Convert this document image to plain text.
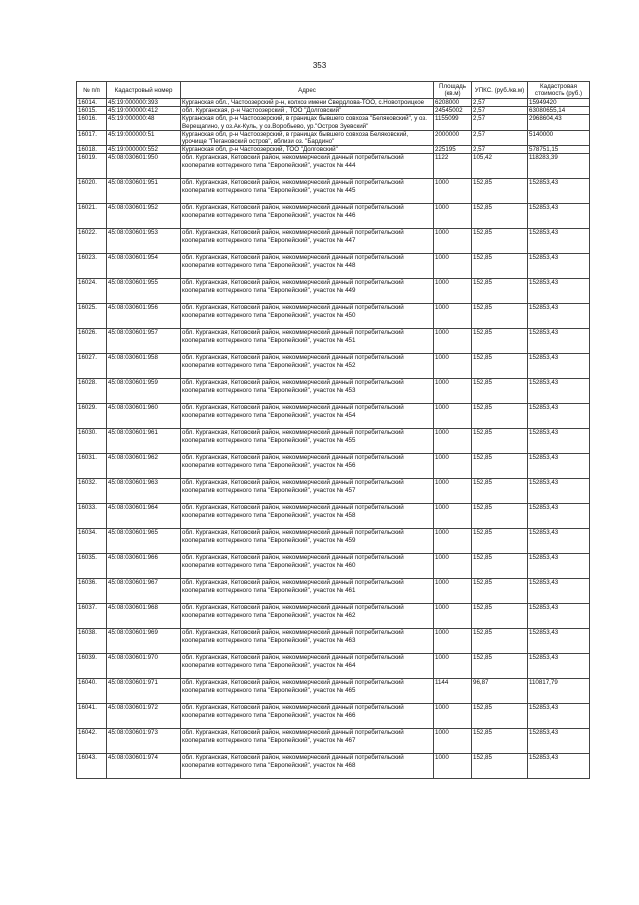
353
№ п/п	Кадастровый номер	Адрес	Площадь (кв.м)	УПКС. (руб./кв.м)	Кадастровая стоимость (руб.)
16014.	45:19:000000:393	Курганская обл., Частоозерский р-н, колхоз имени Свердлова-ТОО, с.Новотроицкое	6208000	2,57	15949420
16015.	45:19:000000:412	обл. Курганская, р-н Частоозерский , ТОО "Долговский"	24545002	2,57	63080655,14
16016.	45:19:000000:48	Курганская обл, р-н Частоозерский, в границах бывшего совхоза "Беляковский", у оз. Верещагино, у оз.Ак-Куль, у оз.Воробьево, ур."Остров Зуевский"	1155099	2,57	2968604,43
16017.	45:19:000000:51	Курганская обл, р-н Частоозерский, в границах бывшего совхоза Беляковский, урочище "Пегановский остров", вблизи оз. "Бардино"	2000000	2,57	5140000
16018.	45:19:000000:552	Курганская обл, р-н Частоозерский, ТОО "Долговский"	225195	2,57	578751,15
16019.	45:08:030601:950	обл. Курганская, Кетовский район, некоммерческий дачный потребительский кооператив коттеджного типа "Европейский", участок № 444	1122	105,42	118283,39
16020.	45:08:030601:951	обл. Курганская, Кетовский район, некоммерческий дачный потребительский кооператив коттеджного типа "Европейский", участок № 445	1000	152,85	152853,43
16021.	45:08:030601:952	обл. Курганская, Кетовский район, некоммерческий дачный потребительский кооператив коттеджного типа "Европейский", участок № 446	1000	152,85	152853,43
16022.	45:08:030601:953	обл. Курганская, Кетовский район, некоммерческий дачный потребительский кооператив коттеджного типа "Европейский", участок № 447	1000	152,85	152853,43
16023.	45:08:030601:954	обл. Курганская, Кетовский район, некоммерческий дачный потребительский кооператив коттеджного типа "Европейский", участок № 448	1000	152,85	152853,43
16024.	45:08:030601:955	обл. Курганская, Кетовский район, некоммерческий дачный потребительский кооператив коттеджного типа "Европейский", участок № 449	1000	152,85	152853,43
16025.	45:08:030601:956	обл. Курганская, Кетовский район, некоммерческий дачный потребительский кооператив коттеджного типа "Европейский", участок № 450	1000	152,85	152853,43
16026.	45:08:030601:957	обл. Курганская, Кетовский район, некоммерческий дачный потребительский кооператив коттеджного типа "Европейский", участок № 451	1000	152,85	152853,43
16027.	45:08:030601:958	обл. Курганская, Кетовский район, некоммерческий дачный потребительский кооператив коттеджного типа "Европейский", участок № 452	1000	152,85	152853,43
16028.	45:08:030601:959	обл. Курганская, Кетовский район, некоммерческий дачный потребительский кооператив коттеджного типа "Европейский", участок № 453	1000	152,85	152853,43
16029.	45:08:030601:960	обл. Курганская, Кетовский район, некоммерческий дачный потребительский кооператив коттеджного типа "Европейский", участок № 454	1000	152,85	152853,43
16030.	45:08:030601:961	обл. Курганская, Кетовский район, некоммерческий дачный потребительский кооператив коттеджного типа "Европейский", участок № 455	1000	152,85	152853,43
16031.	45:08:030601:962	обл. Курганская, Кетовский район, некоммерческий дачный потребительский кооператив коттеджного типа "Европейский", участок № 456	1000	152,85	152853,43
16032.	45:08:030601:963	обл. Курганская, Кетовский район, некоммерческий дачный потребительский кооператив коттеджного типа "Европейский", участок № 457	1000	152,85	152853,43
16033.	45:08:030601:964	обл. Курганская, Кетовский район, некоммерческий дачный потребительский кооператив коттеджного типа "Европейский", участок № 458	1000	152,85	152853,43
16034.	45:08:030601:965	обл. Курганская, Кетовский район, некоммерческий дачный потребительский кооператив коттеджного типа "Европейский", участок № 459	1000	152,85	152853,43
16035.	45:08:030601:966	обл. Курганская, Кетовский район, некоммерческий дачный потребительский кооператив коттеджного типа "Европейский", участок № 460	1000	152,85	152853,43
16036.	45:08:030601:967	обл. Курганская, Кетовский район, некоммерческий дачный потребительский кооператив коттеджного типа "Европейский", участок № 461	1000	152,85	152853,43
16037.	45:08:030601:968	обл. Курганская, Кетовский район, некоммерческий дачный потребительский кооператив коттеджного типа "Европейский", участок № 462	1000	152,85	152853,43
16038.	45:08:030601:969	обл. Курганская, Кетовский район, некоммерческий дачный потребительский кооператив коттеджного типа "Европейский", участок № 463	1000	152,85	152853,43
16039.	45:08:030601:970	обл. Курганская, Кетовский район, некоммерческий дачный потребительский кооператив коттеджного типа "Европейский", участок № 464	1000	152,85	152853,43
16040.	45:08:030601:971	обл. Курганская, Кетовский район, некоммерческий дачный потребительский кооператив коттеджного типа "Европейский", участок № 465	1144	96,87	110817,79
16041.	45:08:030601:972	обл. Курганская, Кетовский район, некоммерческий дачный потребительский кооператив коттеджного типа "Европейский", участок № 466	1000	152,85	152853,43
16042.	45:08:030601:973	обл. Курганская, Кетовский район, некоммерческий дачный потребительский кооператив коттеджного типа "Европейский", участок № 467	1000	152,85	152853,43
16043.	45:08:030601:974	обл. Курганская, Кетовский район, некоммерческий дачный потребительский кооператив коттеджного типа "Европейский", участок № 468	1000	152,85	152853,43
